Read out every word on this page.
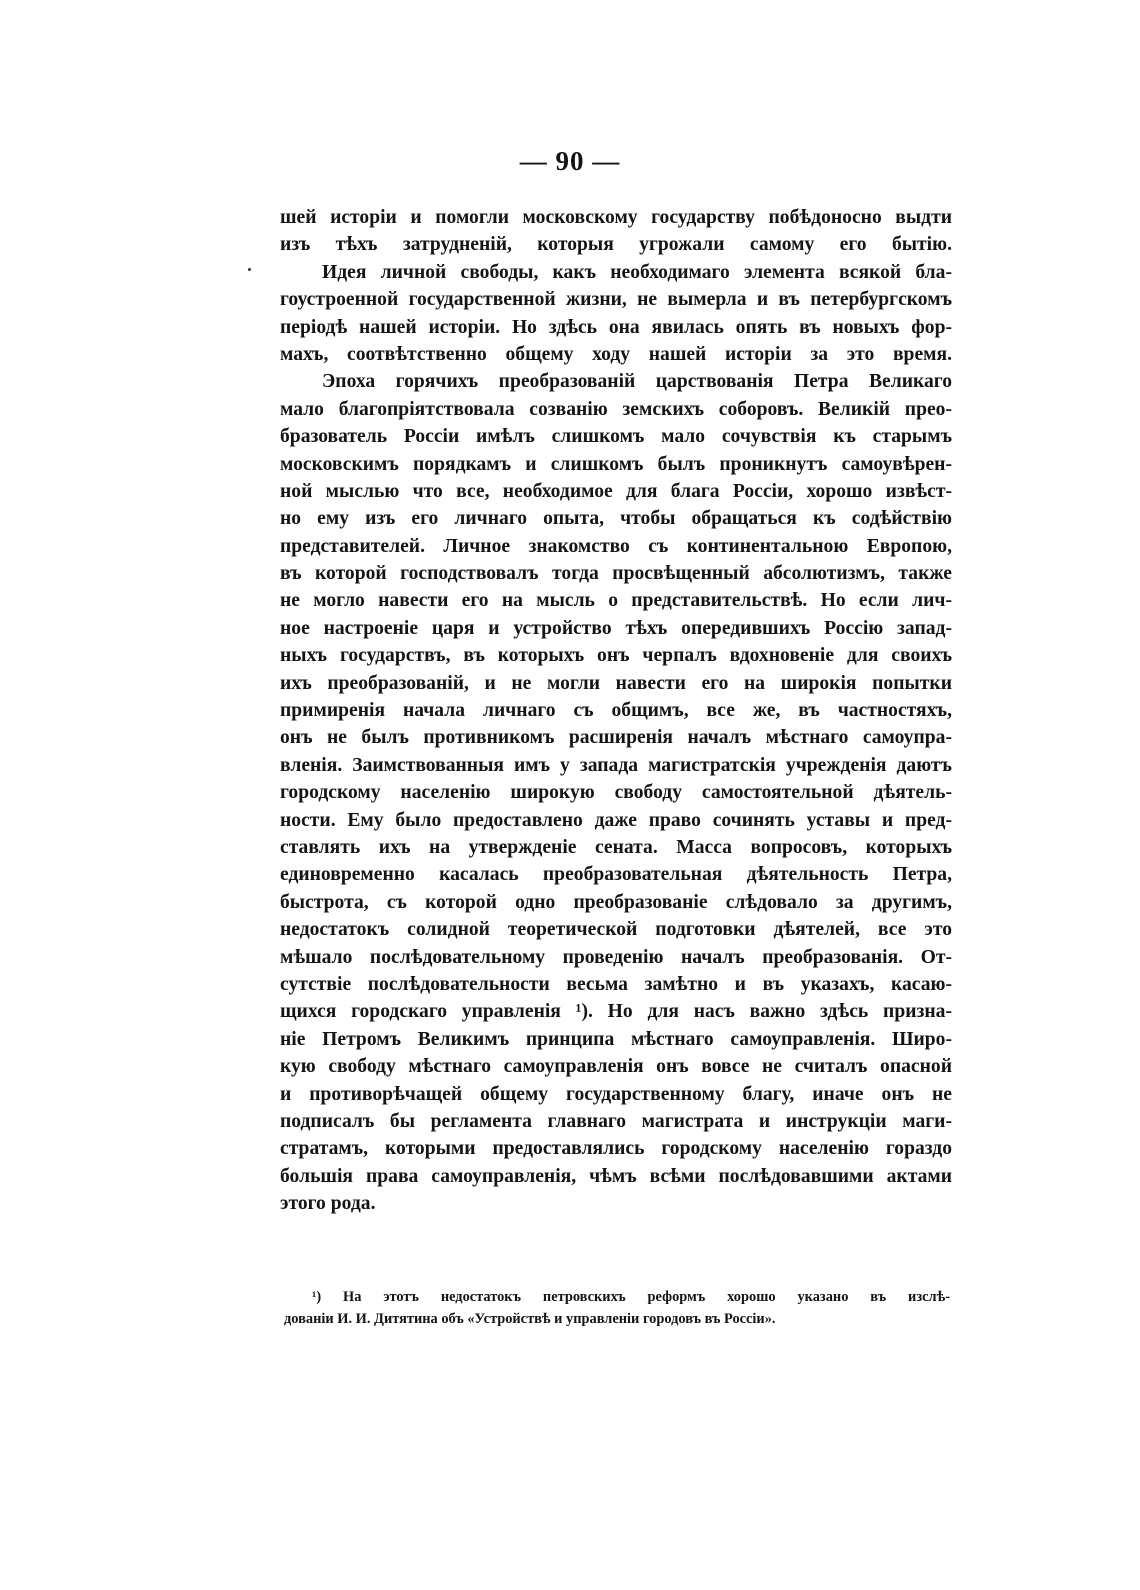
— 90 —
шей исторіи и помогли московскому государству побѣдоносно выдти
изъ тѣхъ затрудненій, которыя угрожали самому его бытію.
Идея личной свободы, какъ необходимаго элемента всякой бла-
гоустроенной государственной жизни, не вымерла и въ петербургскомъ
періодѣ нашей исторіи. Но здѣсь она явилась опять въ новыхъ фор-
махъ, соотвѣтственно общему ходу нашей исторіи за это время.
Эпоха горячихъ преобразованій царствованія Петра Великаго
мало благопріятствовала созванію земскихъ соборовъ. Великій прео-
бразователь Россіи имѣлъ слишкомъ мало сочувствія къ старымъ
московскимъ порядкамъ и слишкомъ былъ проникнутъ самоувѣрен-
ной мыслью что все, необходимое для блага Россіи, хорошо извѣст-
но ему изъ его личнаго опыта, чтобы обращаться къ содѣйствію
представителей. Личное знакомство съ континентальною Европою,
въ которой господствовалъ тогда просвѣщенный абсолютизмъ, также
не могло навести его на мысль о представительствѣ. Но если лич-
ное настроеніе царя и устройство тѣхъ опередившихъ Россію запад-
ныхъ государствъ, въ которыхъ онъ черпалъ вдохновеніе для своихъ
ихъ преобразованій, и не могли навести его на широкія попытки
примиренія начала личнаго съ общимъ, все же, въ частностяхъ,
онъ не былъ противникомъ расширенія началъ мѣстнаго самоупра-
вленія. Заимствованныя имъ у запада магистратскія учрежденія даютъ
городскому населенію широкую свободу самостоятельной дѣятель-
ности. Ему было предоставлено даже право сочинять уставы и пред-
ставлять ихъ на утвержденіе сената. Масса вопросовъ, которыхъ
единовременно касалась преобразовательная дѣятельность Петра,
быстрота, съ которой одно преобразованіе слѣдовало за другимъ,
недостатокъ солидной теоретической подготовки дѣятелей, все это
мѣшало послѣдовательному проведенію началъ преобразованія. От-
сутствіе послѣдовательности весьма замѣтно и въ указахъ, касаю-
щихся городскаго управленія ¹). Но для насъ важно здѣсь призна-
ніе Петромъ Великимъ принципа мѣстнаго самоуправленія. Широ-
кую свободу мѣстнаго самоуправленія онъ вовсе не считалъ опасной
и противорѣчащей общему государственному благу, иначе онъ не
подписалъ бы регламента главнаго магистрата и инструкціи маги-
стратамъ, которыми предоставлялись городскому населенію гораздо
большія права самоуправленія, чѣмъ всѣми послѣдовавшими актами
этого рода.
¹) На этотъ недостатокъ петровскихъ реформъ хорошо указано въ изслѣ-
дованіи И. И. Дитятина объ «Устройствѣ и управленіи городовъ въ Россіи».
